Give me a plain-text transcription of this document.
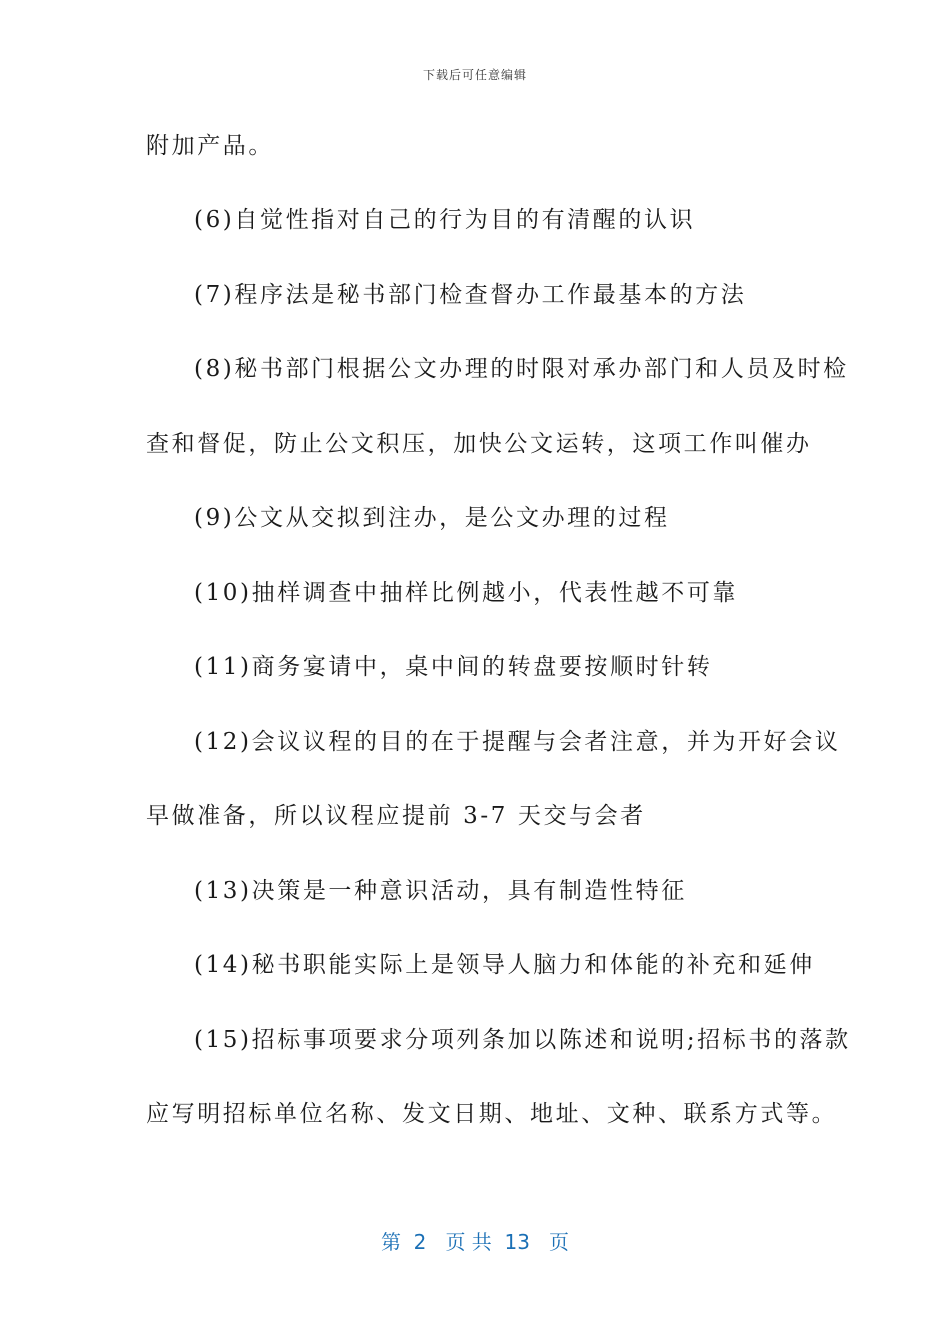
下载后可任意编辑
附加产品。
(6)自觉性指对自己的行为目的有清醒的认识
(7)程序法是秘书部门检查督办工作最基本的方法
(8)秘书部门根据公文办理的时限对承办部门和人员及时检
查和督促，防止公文积压，加快公文运转，这项工作叫催办
(9)公文从交拟到注办，是公文办理的过程
(10)抽样调查中抽样比例越小，代表性越不可靠
(11)商务宴请中，桌中间的转盘要按顺时针转
(12)会议议程的目的在于提醒与会者注意，并为开好会议
早做准备，所以议程应提前 3-7 天交与会者
(13)决策是一种意识活动，具有制造性特征
(14)秘书职能实际上是领导人脑力和体能的补充和延伸
(15)招标事项要求分项列条加以陈述和说明;招标书的落款
应写明招标单位名称、发文日期、地址、文种、联系方式等。
第  2   页 共  13   页
